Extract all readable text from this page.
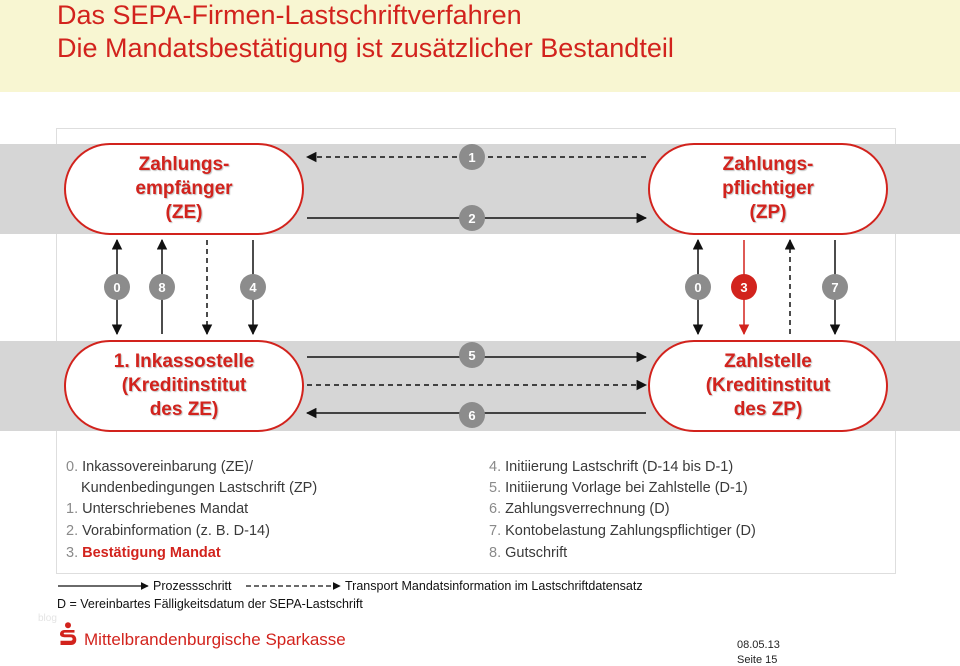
Das SEPA-Firmen-Lastschriftverfahren
Die Mandatsbestätigung ist zusätzlicher Bestandteil
Zahlungs-
empfänger
(ZE)
Zahlungs-
pflichtiger
(ZP)
1. Inkassostelle
(Kreditinstitut
des ZE)
Zahlstelle
(Kreditinstitut
des ZP)
1
2
0	8	4	0	3	7
5
6
0. Inkassovereinbarung (ZE)/
Kundenbedingungen Lastschrift (ZP)
1. Unterschriebenes Mandat
2. Vorabinformation (z. B. D-14)
3. Bestätigung Mandat
4. Initiierung Lastschrift (D-14 bis D-1)
5. Initiierung Vorlage bei Zahlstelle (D-1)
6. Zahlungsverrechnung (D)
7. Kontobelastung Zahlungspflichtiger (D)
8. Gutschrift
Prozessschritt	Transport Mandatsinformation im Lastschriftdatensatz
D = Vereinbartes Fälligkeitsdatum der SEPA-Lastschrift
blog
Mittelbrandenburgische Sparkasse	08.05.13
Seite 15
